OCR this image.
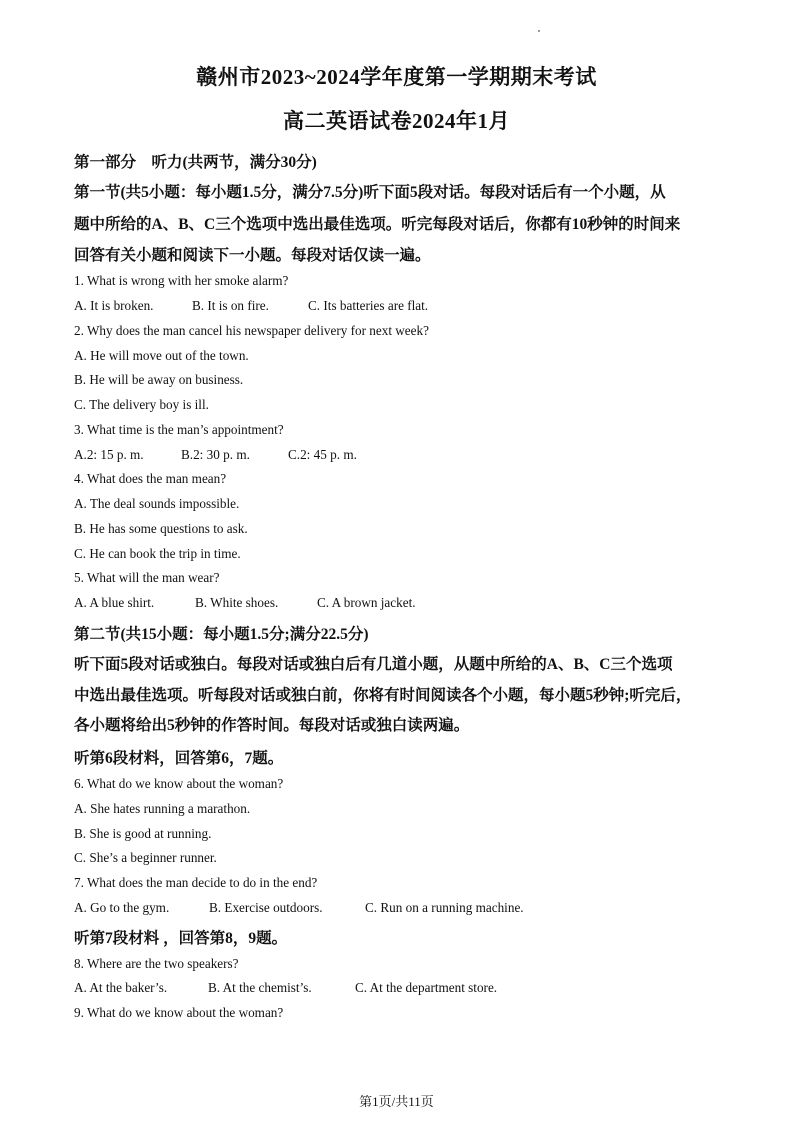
赣州市2023~2024学年度第一学期期末考试
高二英语试卷2024年1月
第一部分　听力(共两节，满分30分)
第一节(共5小题：每小题1.5分，满分7.5分)听下面5段对话。每段对话后有一个小题，从
题中所给的A、B、C三个选项中选出最佳选项。听完每段对话后，你都有10秒钟的时间来
回答有关小题和阅读下一小题。每段对话仅读一遍。
1. What is wrong with her smoke alarm?
A. It is broken.	B. It is on fire.	C. Its batteries are flat.
2. Why does the man cancel his newspaper delivery for next week?
A. He will move out of the town.
B. He will be away on business.
C. The delivery boy is ill.
3. What time is the man’s appointment?
A.2: 15 p. m.	B.2: 30 p. m.	C.2: 45 p. m.
4. What does the man mean?
A. The deal sounds impossible.
B. He has some questions to ask.
C. He can book the trip in time.
5. What will the man wear?
A. A blue shirt.	B. White shoes.	C. A brown jacket.
第二节(共15小题：每小题1.5分;满分22.5分)
听下面5段对话或独白。每段对话或独白后有几道小题，从题中所给的A、B、C三个选项
中选出最佳选项。听每段对话或独白前，你将有时间阅读各个小题，每小题5秒钟;听完后，
各小题将给出5秒钟的作答时间。每段对话或独白读两遍。
听第6段材料，回答第6，7题。
6. What do we know about the woman?
A. She hates running a marathon.
B. She is good at running.
C. She’s a beginner runner.
7. What does the man decide to do in the end?
A. Go to the gym.	B. Exercise outdoors.	C. Run on a running machine.
听第7段材料 ，回答第8，9题。
8. Where are the two speakers?
A. At the baker’s.	B. At the chemist’s.	C. At the department store.
9. What do we know about the woman?
第1页/共11页
